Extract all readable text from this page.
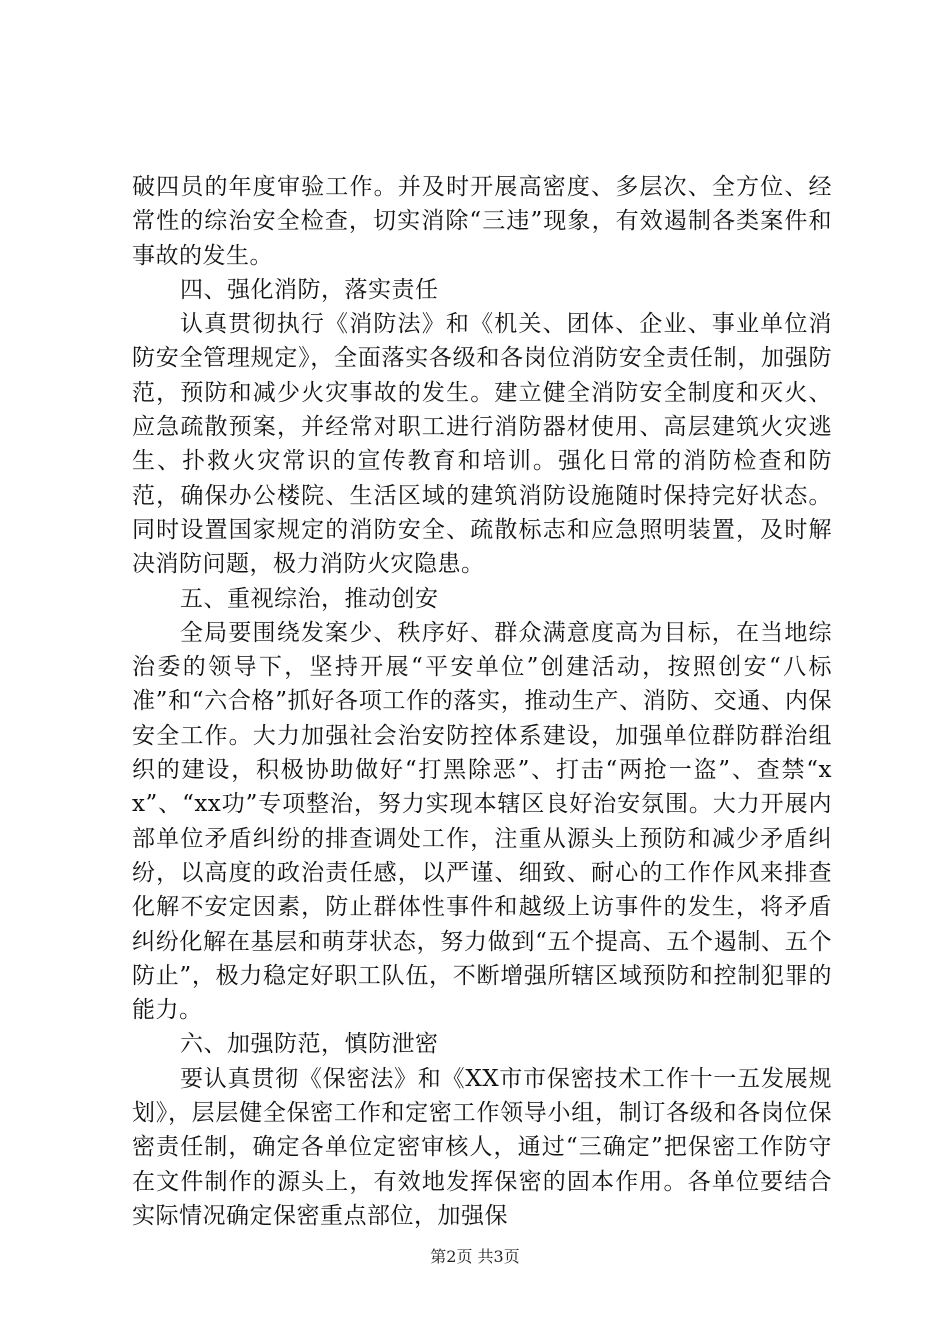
破四员的年度审验工作。并及时开展高密度、多层次、全方位、经常性的综治安全检查，切实消除“三违”现象，有效遏制各类案件和事故的发生。

四、强化消防，落实责任

认真贯彻执行《消防法》和《机关、团体、企业、事业单位消防安全管理规定》，全面落实各级和各岗位消防安全责任制，加强防范，预防和减少火灾事故的发生。建立健全消防安全制度和灭火、应急疏散预案，并经常对职工进行消防器材使用、高层建筑火灾逃生、扑救火灾常识的宣传教育和培训。强化日常的消防检查和防范，确保办公楼院、生活区域的建筑消防设施随时保持完好状态。同时设置国家规定的消防安全、疏散标志和应急照明装置，及时解决消防问题，极力消防火灾隐患。

五、重视综治，推动创安

全局要围绕发案少、秩序好、群众满意度高为目标，在当地综治委的领导下，坚持开展“平安单位”创建活动，按照创安“八标准”和“六合格”抓好各项工作的落实，推动生产、消防、交通、内保安全工作。大力加强社会治安防控体系建设，加强单位群防群治组织的建设，积极协助做好“打黑除恶”、打击“两抢一盗”、查禁“xx”、“xx功”专项整治，努力实现本辖区良好治安氛围。大力开展内部单位矛盾纠纷的排查调处工作，注重从源头上预防和减少矛盾纠纷，以高度的政治责任感，以严谨、细致、耐心的工作作风来排查化解不安定因素，防止群体性事件和越级上访事件的发生，将矛盾纠纷化解在基层和萌芽状态，努力做到“五个提高、五个遏制、五个防止”，极力稳定好职工队伍，不断增强所辖区域预防和控制犯罪的能力。

六、加强防范，慎防泄密

要认真贯彻《保密法》和《XX市市保密技术工作十一五发展规划》，层层健全保密工作和定密工作领导小组，制订各级和各岗位保密责任制，确定各单位定密审核人，通过“三确定”把保密工作防守在文件制作的源头上，有效地发挥保密的固本作用。各单位要结合实际情况确定保密重点部位，加强保

第2页 共3页
